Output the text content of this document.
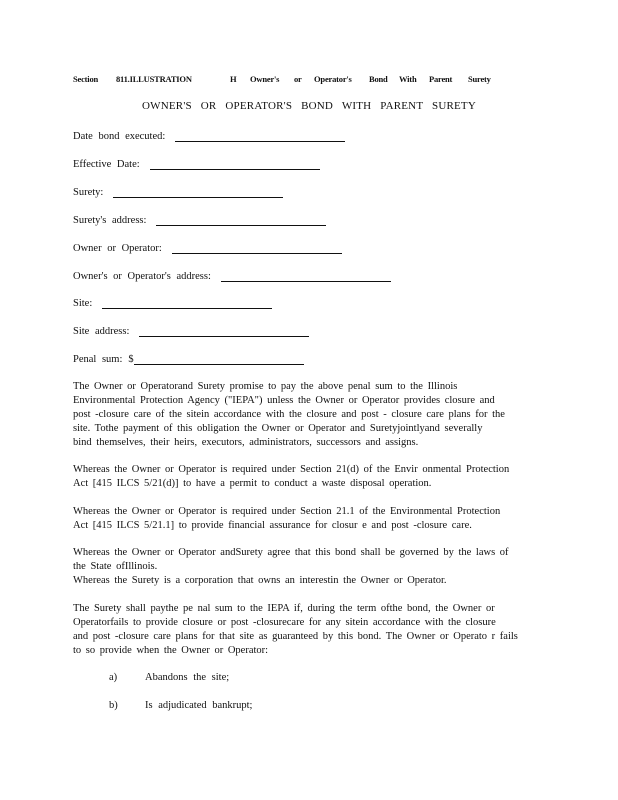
Section 811.ILLUSTRATION	H Owner's or Operator's Bond With Parent Surety
OWNER'S OR OPERATOR'S BOND WITH PARENT SURETY
Date bond executed:
Effective Date:
Surety:
Surety's address:
Owner or Operator:
Owner's or Operator's address:
Site:
Site address:
Penal sum: $
The Owner or Operatorand Surety promise to pay the above penal sum to the Illinois
Environmental Protection Agency ("IEPA") unless the Owner or Operator provides closure and
post -closure care of the sitein accordance with the closure and post - closure care plans for the
site. Tothe payment of this obligation the Owner or Operator and Suretyjointlyand severally
bind themselves, their heirs, executors, administrators, successors and assigns.
Whereas the Owner or Operator is required under Section 21(d) of the Envir onmental Protection
Act [415 ILCS 5/21(d)] to have a permit to conduct a waste disposal operation.
Whereas the Owner or Operator is required under Section 21.1 of the Environmental Protection
Act [415 ILCS 5/21.1] to provide financial assurance for closur e and post -closure care.
Whereas the Owner or Operator andSurety agree that this bond shall be governed by the laws of
the State ofIllinois.
Whereas the Surety is a corporation that owns an interestin the Owner or Operator.
The Surety shall paythe pe nal sum to the IEPA if, during the term ofthe bond, the Owner or
Operatorfails to provide closure or post -closurecare for any sitein accordance with the closure
and post -closure care plans for that site as guaranteed by this bond. The Owner or Operato r fails
to so provide when the Owner or Operator:
a)	Abandons the site;
b)	Is adjudicated bankrupt;
